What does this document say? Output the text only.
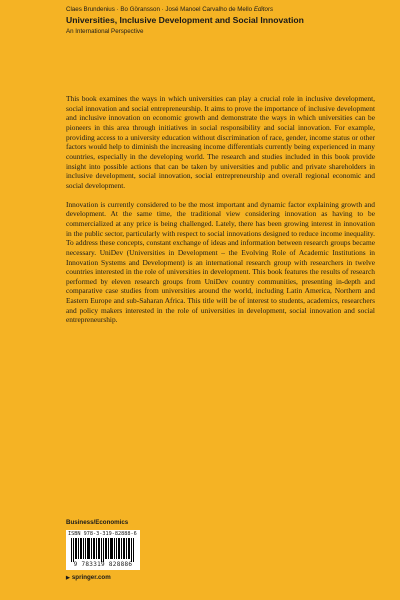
Claes Brundenius · Bo Göransson · José Manoel Carvalho de Mello Editors
Universities, Inclusive Development and Social Innovation
An International Perspective

This book examines the ways in which universities can play a crucial role in inclusive development, social innovation and social entrepreneurship. It aims to prove the importance of inclusive development and inclusive innovation on economic growth and demonstrate the ways in which universities can be pioneers in this area through initiatives in social responsibility and social innovation. For example, providing access to a university education without discrimination of race, gender, income status or other factors would help to diminish the increasing income differentials currently being experienced in many countries, especially in the developing world. The research and studies included in this book provide insight into possible actions that can be taken by universities and public and private shareholders in inclusive development, social innovation, social entrepreneurship and overall regional economic and social development.

Innovation is currently considered to be the most important and dynamic factor explaining growth and development. At the same time, the traditional view considering innovation as having to be commercialized at any price is being challenged. Lately, there has been growing interest in innovation in the public sector, particularly with respect to social innovations designed to reduce income inequality. To address these concepts, constant exchange of ideas and information between research groups became necessary. UniDev (Universities in Development – the Evolving Role of Academic Institutions in Innovation Systems and Development) is an international research group with researchers in twelve countries interested in the role of universities in development. This book features the results of research performed by eleven research groups from UniDev country communities, presenting in-depth and comparative case studies from universities around the world, including Latin America, Northern and Eastern Europe and sub-Saharan Africa. This title will be of interest to students, academics, researchers and policy makers interested in the role of universities in development, social innovation and social entrepreneurship.

Business/Economics
ISBN 978-3-319-82888-6
9 783319 828886
▶ springer.com
